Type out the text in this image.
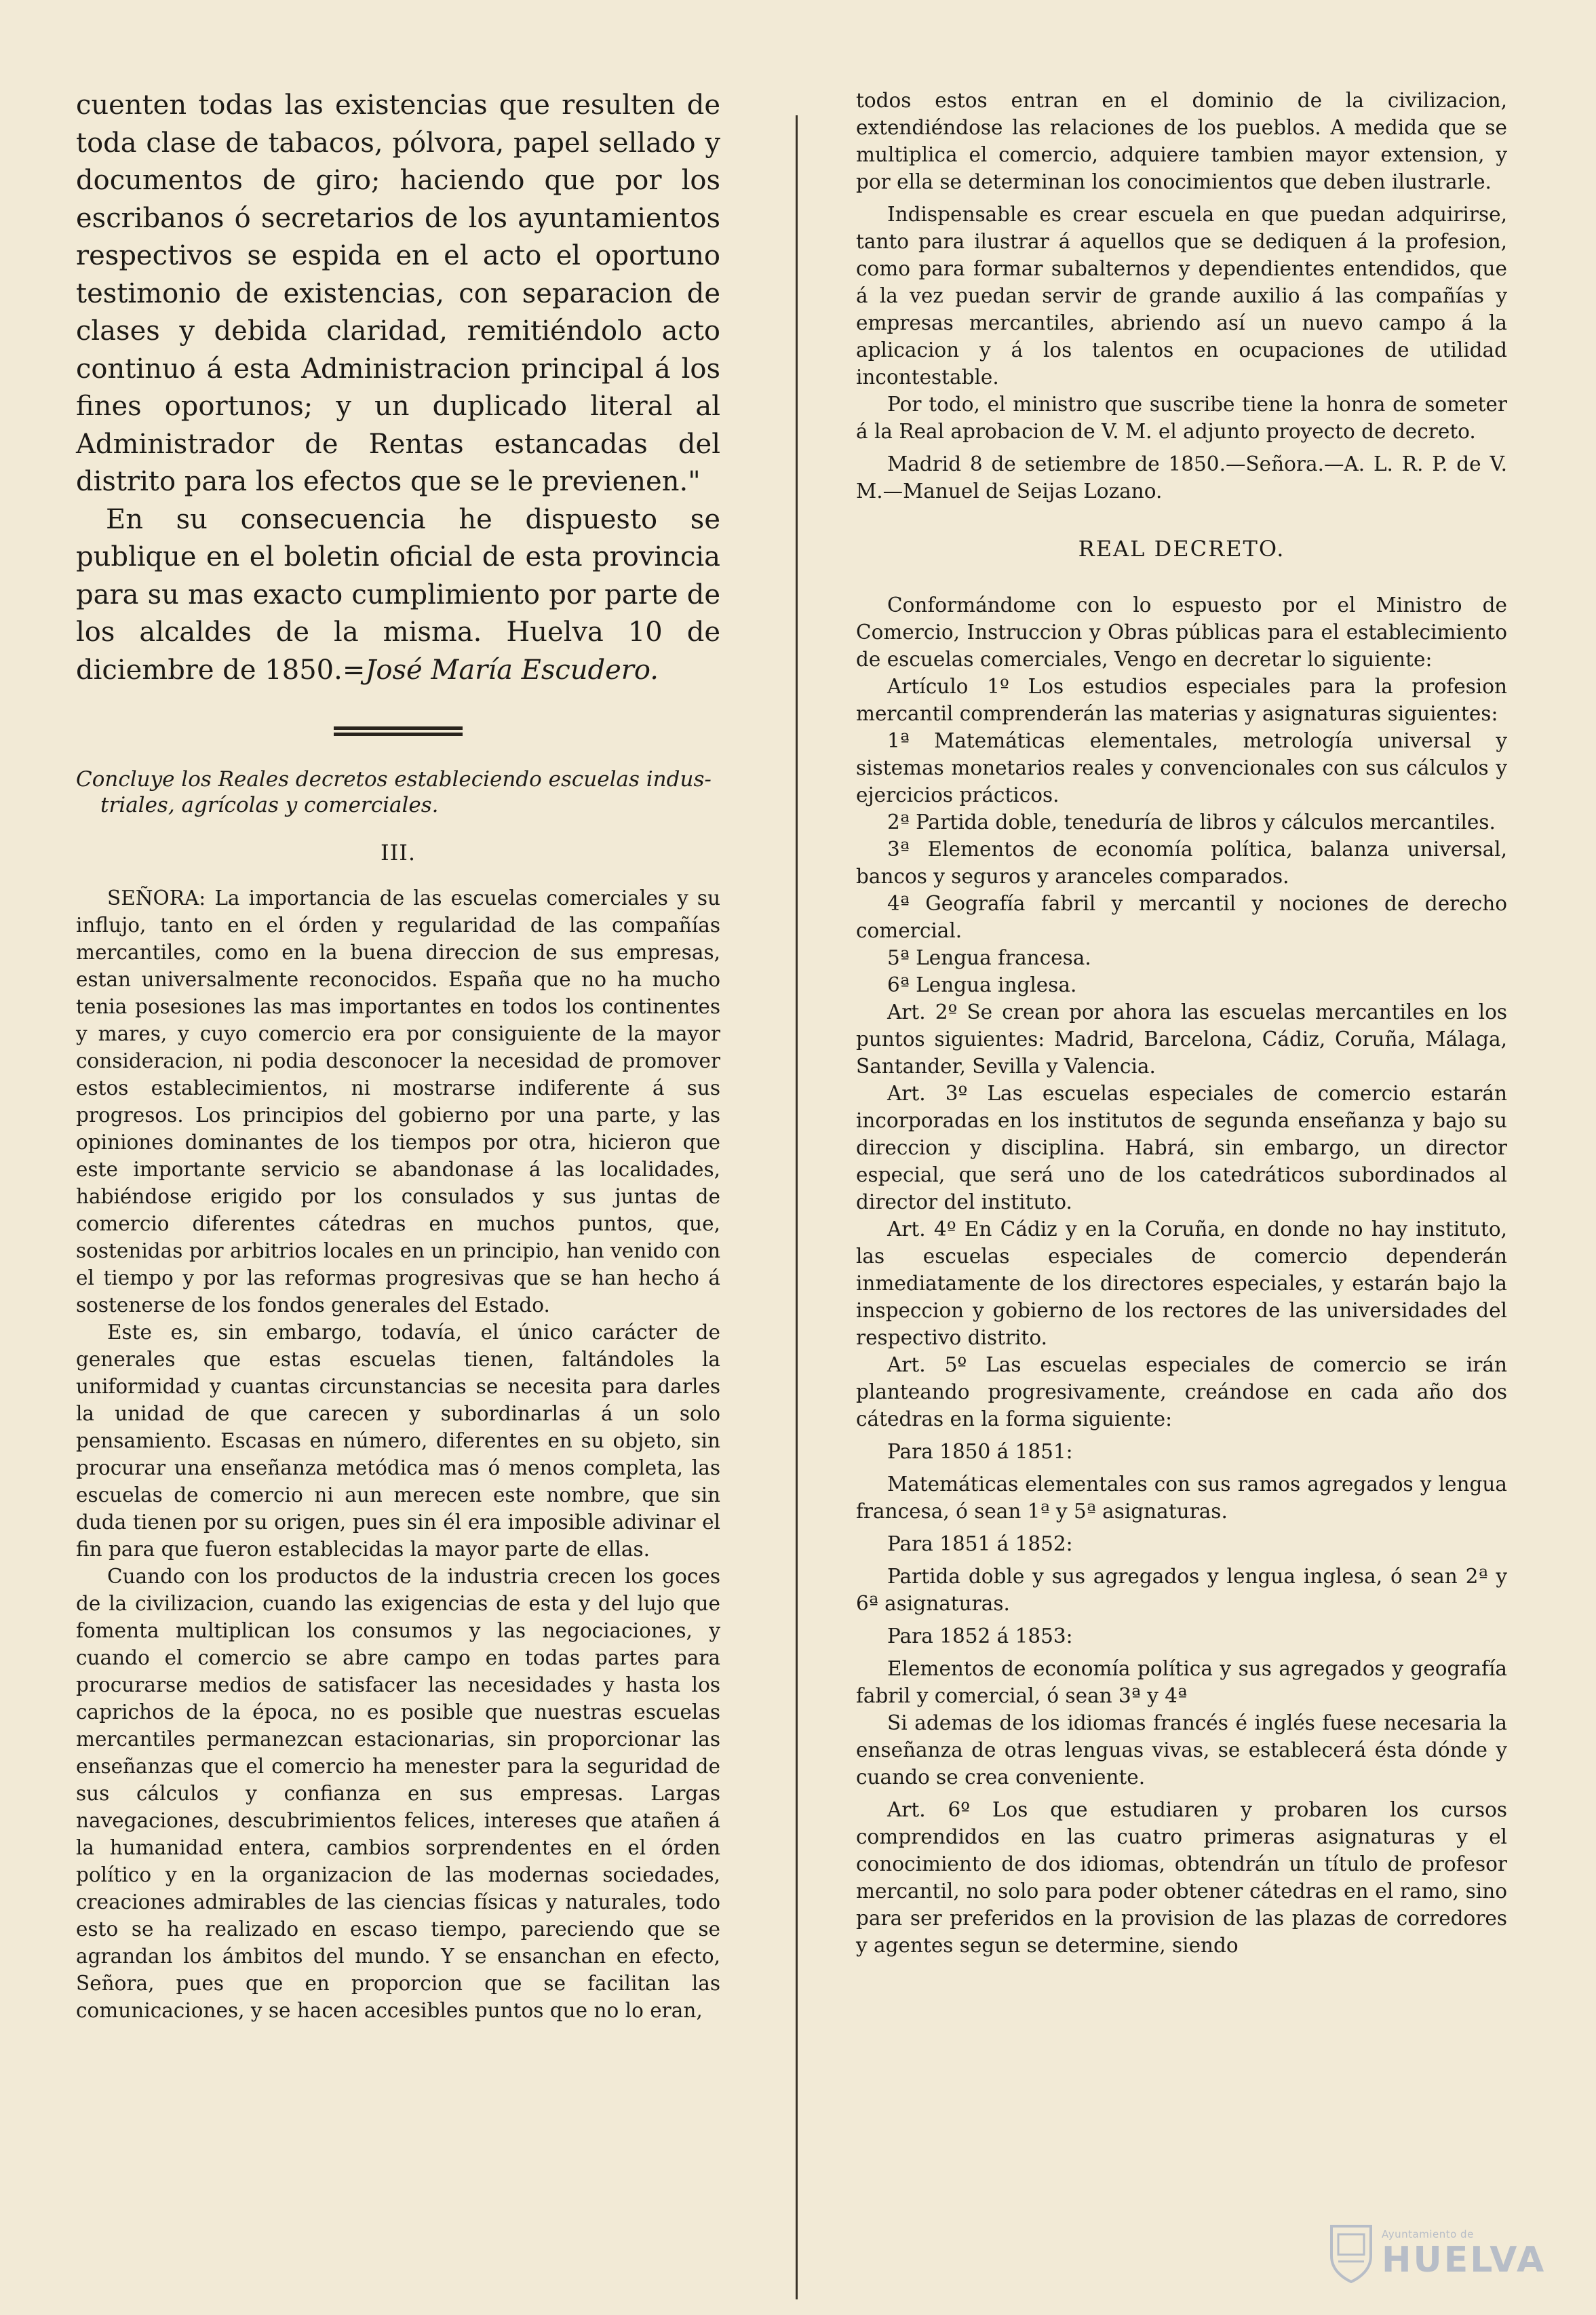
cuenten todas las existencias que resulten de toda clase de tabacos, pólvora, papel sellado y documentos de giro; haciendo que por los escribanos ó secretarios de los ayuntamientos respectivos se espida en el acto el oportuno testimonio de existencias, con separacion de clases y debida claridad, remitiéndolo acto continuo á esta Administracion principal á los fines oportunos; y un duplicado literal al Administrador de Rentas estancadas del distrito para los efectos que se le previenen."

En su consecuencia he dispuesto se publique en el boletin oficial de esta provincia para su mas exacto cumplimiento por parte de los alcaldes de la misma. Huelva 10 de diciembre de 1850.=José María Escudero.

Concluye los Reales decretos estableciendo escuelas indus-
triales, agrícolas y comerciales.

III.

SEÑORA: La importancia de las escuelas comerciales y su influjo, tanto en el órden y regularidad de las compañías mercantiles, como en la buena direccion de sus empresas, estan universalmente reconocidos. España que no ha mucho tenia posesiones las mas importantes en todos los continentes y mares, y cuyo comercio era por consiguiente de la mayor consideracion, ni podia desconocer la necesidad de promover estos establecimientos, ni mostrarse indiferente á sus progresos. Los principios del gobierno por una parte, y las opiniones dominantes de los tiempos por otra, hicieron que este importante servicio se abandonase á las localidades, habiéndose erigido por los consulados y sus juntas de comercio diferentes cátedras en muchos puntos, que, sostenidas por arbitrios locales en un principio, han venido con el tiempo y por las reformas progresivas que se han hecho á sostenerse de los fondos generales del Estado.

Este es, sin embargo, todavía, el único carácter de generales que estas escuelas tienen, faltándoles la uniformidad y cuantas circunstancias se necesita para darles la unidad de que carecen y subordinarlas á un solo pensamiento. Escasas en número, diferentes en su objeto, sin procurar una enseñanza metódica mas ó menos completa, las escuelas de comercio ni aun merecen este nombre, que sin duda tienen por su origen, pues sin él era imposible adivinar el fin para que fueron establecidas la mayor parte de ellas.

Cuando con los productos de la industria crecen los goces de la civilizacion, cuando las exigencias de esta y del lujo que fomenta multiplican los consumos y las negociaciones, y cuando el comercio se abre campo en todas partes para procurarse medios de satisfacer las necesidades y hasta los caprichos de la época, no es posible que nuestras escuelas mercantiles permanezcan estacionarias, sin proporcionar las enseñanzas que el comercio ha menester para la seguridad de sus cálculos y confianza en sus empresas. Largas navegaciones, descubrimientos felices, intereses que atañen á la humanidad entera, cambios sorprendentes en el órden político y en la organizacion de las modernas sociedades, creaciones admirables de las ciencias físicas y naturales, todo esto se ha realizado en escaso tiempo, pareciendo que se agrandan los ámbitos del mundo. Y se ensanchan en efecto, Señora, pues que en proporcion que se facilitan las comunicaciones, y se hacen accesibles puntos que no lo eran,

todos estos entran en el dominio de la civilizacion, extendiéndose las relaciones de los pueblos. A medida que se multiplica el comercio, adquiere tambien mayor extension, y por ella se determinan los conocimientos que deben ilustrarle.

Indispensable es crear escuela en que puedan adquirirse, tanto para ilustrar á aquellos que se dediquen á la profesion, como para formar subalternos y dependientes entendidos, que á la vez puedan servir de grande auxilio á las compañías y empresas mercantiles, abriendo así un nuevo campo á la aplicacion y á los talentos en ocupaciones de utilidad incontestable.

Por todo, el ministro que suscribe tiene la honra de someter á la Real aprobacion de V. M. el adjunto proyecto de decreto.

Madrid 8 de setiembre de 1850.—Señora.—A. L. R. P. de V. M.—Manuel de Seijas Lozano.

REAL DECRETO.

Conformándome con lo espuesto por el Ministro de Comercio, Instruccion y Obras públicas para el establecimiento de escuelas comerciales, Vengo en decretar lo siguiente:

Artículo 1º Los estudios especiales para la profesion mercantil comprenderán las materias y asignaturas siguientes:

1ª Matemáticas elementales, metrología universal y sistemas monetarios reales y convencionales con sus cálculos y ejercicios prácticos.

2ª Partida doble, teneduría de libros y cálculos mercantiles.

3ª Elementos de economía política, balanza universal, bancos y seguros y aranceles comparados.

4ª Geografía fabril y mercantil y nociones de derecho comercial.

5ª Lengua francesa.

6ª Lengua inglesa.

Art. 2º Se crean por ahora las escuelas mercantiles en los puntos siguientes: Madrid, Barcelona, Cádiz, Coruña, Málaga, Santander, Sevilla y Valencia.

Art. 3º Las escuelas especiales de comercio estarán incorporadas en los institutos de segunda enseñanza y bajo su direccion y disciplina. Habrá, sin embargo, un director especial, que será uno de los catedráticos subordinados al director del instituto.

Art. 4º En Cádiz y en la Coruña, en donde no hay instituto, las escuelas especiales de comercio dependerán inmediatamente de los directores especiales, y estarán bajo la inspeccion y gobierno de los rectores de las universidades del respectivo distrito.

Art. 5º Las escuelas especiales de comercio se irán planteando progresivamente, creándose en cada año dos cátedras en la forma siguiente:

Para 1850 á 1851:

Matemáticas elementales con sus ramos agregados y lengua francesa, ó sean 1ª y 5ª asignaturas.

Para 1851 á 1852:

Partida doble y sus agregados y lengua inglesa, ó sean 2ª y 6ª asignaturas.

Para 1852 á 1853:

Elementos de economía política y sus agregados y geografía fabril y comercial, ó sean 3ª y 4ª

Si ademas de los idiomas francés é inglés fuese necesaria la enseñanza de otras lenguas vivas, se establecerá ésta dónde y cuando se crea conveniente.

Art. 6º Los que estudiaren y probaren los cursos comprendidos en las cuatro primeras asignaturas y el conocimiento de dos idiomas, obtendrán un título de profesor mercantil, no solo para poder obtener cátedras en el ramo, sino para ser preferidos en la provision de las plazas de corredores y agentes segun se determine, siendo

Ayuntamiento de
HUELVA
